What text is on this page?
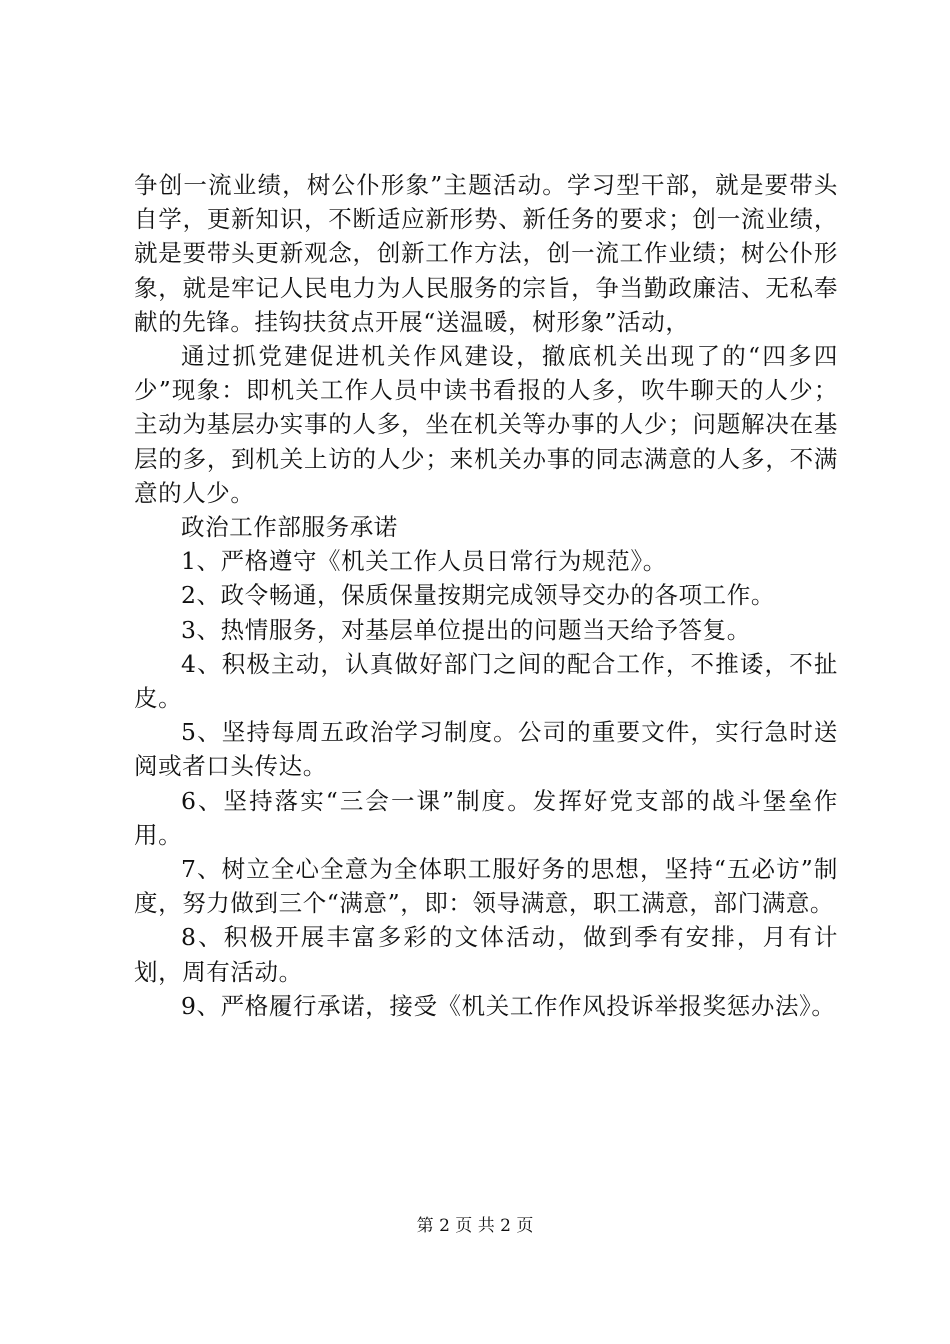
争创一流业绩，树公仆形象”主题活动。学习型干部，就是要带头自学，更新知识，不断适应新形势、新任务的要求；创一流业绩，就是要带头更新观念，创新工作方法，创一流工作业绩；树公仆形象，就是牢记人民电力为人民服务的宗旨，争当勤政廉洁、无私奉献的先锋。挂钩扶贫点开展“送温暖，树形象”活动，

通过抓党建促进机关作风建设，撤底机关出现了的“四多四少”现象：即机关工作人员中读书看报的人多，吹牛聊天的人少；主动为基层办实事的人多，坐在机关等办事的人少；问题解决在基层的多，到机关上访的人少；来机关办事的同志满意的人多，不满意的人少。

政治工作部服务承诺

1、严格遵守《机关工作人员日常行为规范》。

2、政令畅通，保质保量按期完成领导交办的各项工作。

3、热情服务，对基层单位提出的问题当天给予答复。

4、积极主动，认真做好部门之间的配合工作，不推诿，不扯皮。

5、坚持每周五政治学习制度。公司的重要文件，实行急时送阅或者口头传达。

6、坚持落实“三会一课”制度。发挥好党支部的战斗堡垒作用。

7、树立全心全意为全体职工服好务的思想，坚持“五必访”制度，努力做到三个“满意”，即：领导满意，职工满意，部门满意。

8、积极开展丰富多彩的文体活动，做到季有安排，月有计划，周有活动。

9、严格履行承诺，接受《机关工作作风投诉举报奖惩办法》。

第 2 页 共 2 页
